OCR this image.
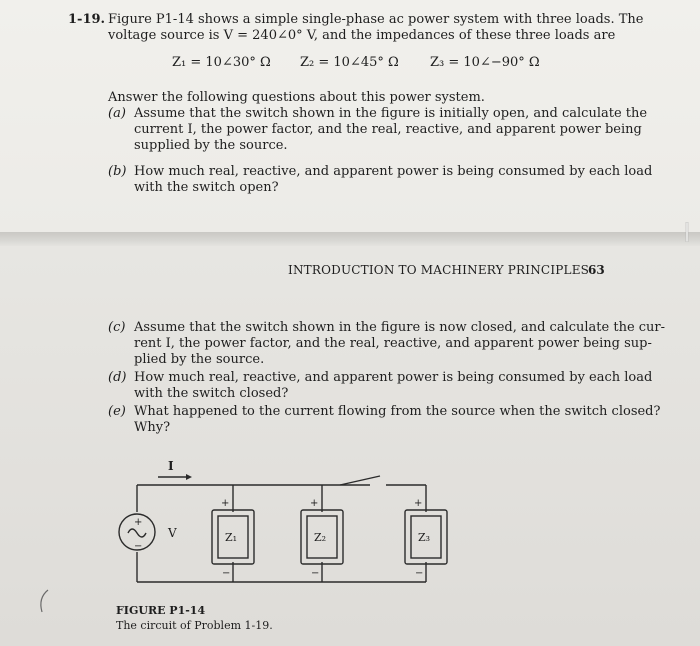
1-19. Figure P1-14 shows a simple single-phase ac power system with three loads. The
voltage source is V = 240∠0° V, and the impedances of these three loads are
Z₁ = 10∠30° Ω Z₂ = 10∠45° Ω Z₃ = 10∠−90° Ω
Answer the following questions about this power system.
(a) Assume that the switch shown in the figure is initially open, and calculate the
current I, the power factor, and the real, reactive, and apparent power being
supplied by the source.
(b) How much real, reactive, and apparent power is being consumed by each load
with the switch open?
INTRODUCTION TO MACHINERY PRINCIPLES
63
(c) Assume that the switch shown in the figure is now closed, and calculate the cur-
rent I, the power factor, and the real, reactive, and apparent power being sup-
plied by the source.
(d) How much real, reactive, and apparent power is being consumed by each load
with the switch closed?
(e) What happened to the current flowing from the source when the switch closed?
Why?
I
+
−
V
+
−
Z₁
+
−
Z₂
+
−
Z₃
FIGURE P1-14
The circuit of Problem 1-19.
